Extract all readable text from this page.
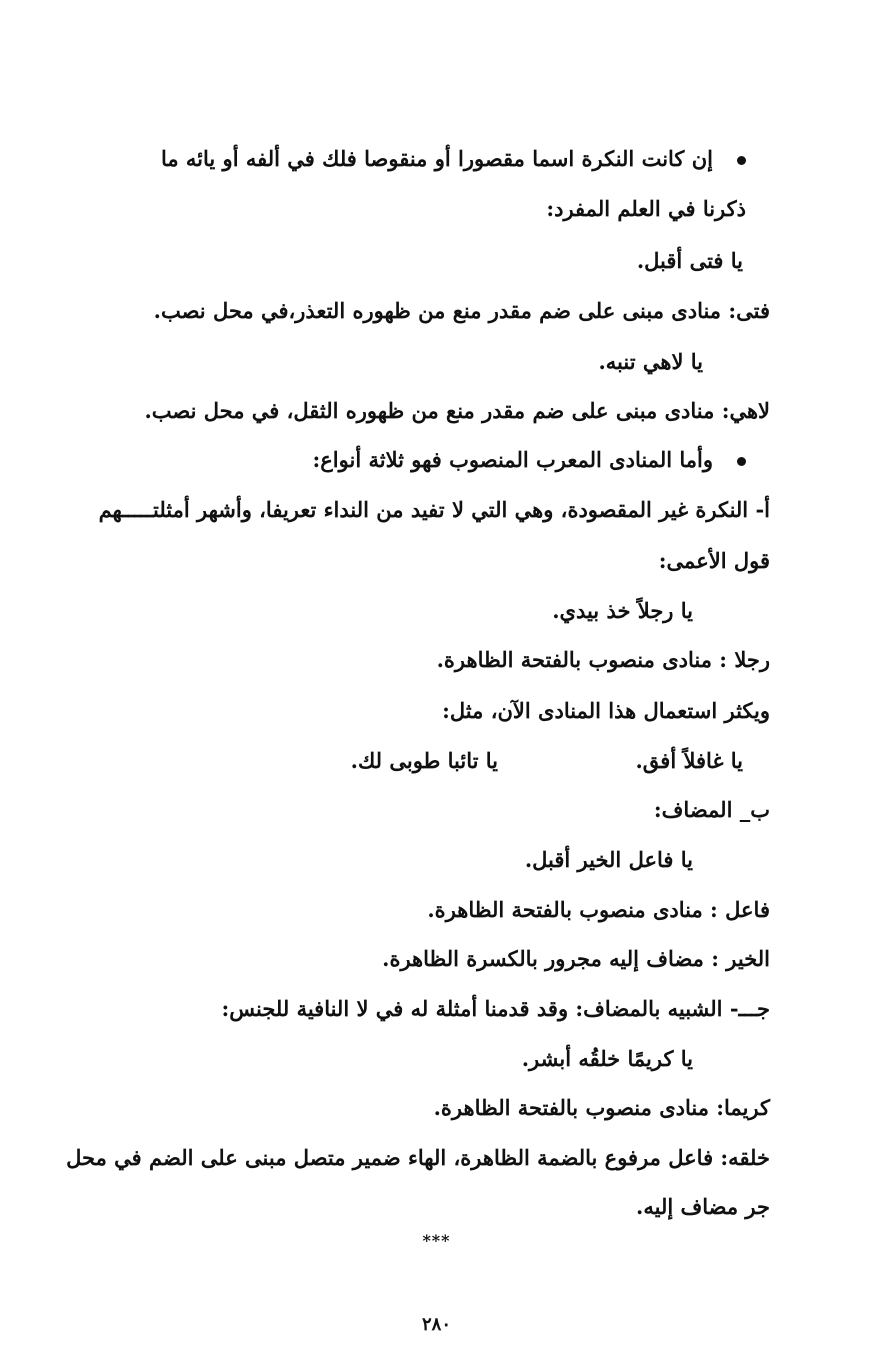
إن كانت النكرة اسما مقصورا أو منقوصا فلك في ألفه أو يائه ما
ذكرنا في العلم المفرد:
يا فتى أقبل.
فتى: منادى مبنى على ضم مقدر منع من ظهوره التعذر،في محل نصب.
يا لاهي تنبه.
لاهي: منادى مبنى على ضم مقدر منع من ظهوره الثقل، في محل نصب.
وأما المنادى المعرب المنصوب فهو ثلاثة أنواع:
أ- النكرة غير المقصودة، وهي التي لا تفيد من النداء تعريفا، وأشهر أمثلتـــــهم
قول الأعمى:
يا رجلاً خذ بيدي.
رجلا : منادى منصوب بالفتحة الظاهرة.
ويكثر استعمال هذا المنادى الآن، مثل:
يا غافلاً أفق.
يا تائبا طوبى لك.
ب_ المضاف:
يا فاعل الخير أقبل.
فاعل : منادى منصوب بالفتحة الظاهرة.
الخير : مضاف إليه مجرور بالكسرة الظاهرة.
جـــ- الشبيه بالمضاف: وقد قدمنا أمثلة له في لا النافية للجنس:
يا كريمًا خلقُه أبشر.
كريما: منادى منصوب بالفتحة الظاهرة.
خلقه: فاعل مرفوع بالضمة الظاهرة، الهاء ضمير متصل مبنى على الضم في محل
جر مضاف إليه.
***
٢٨٠
